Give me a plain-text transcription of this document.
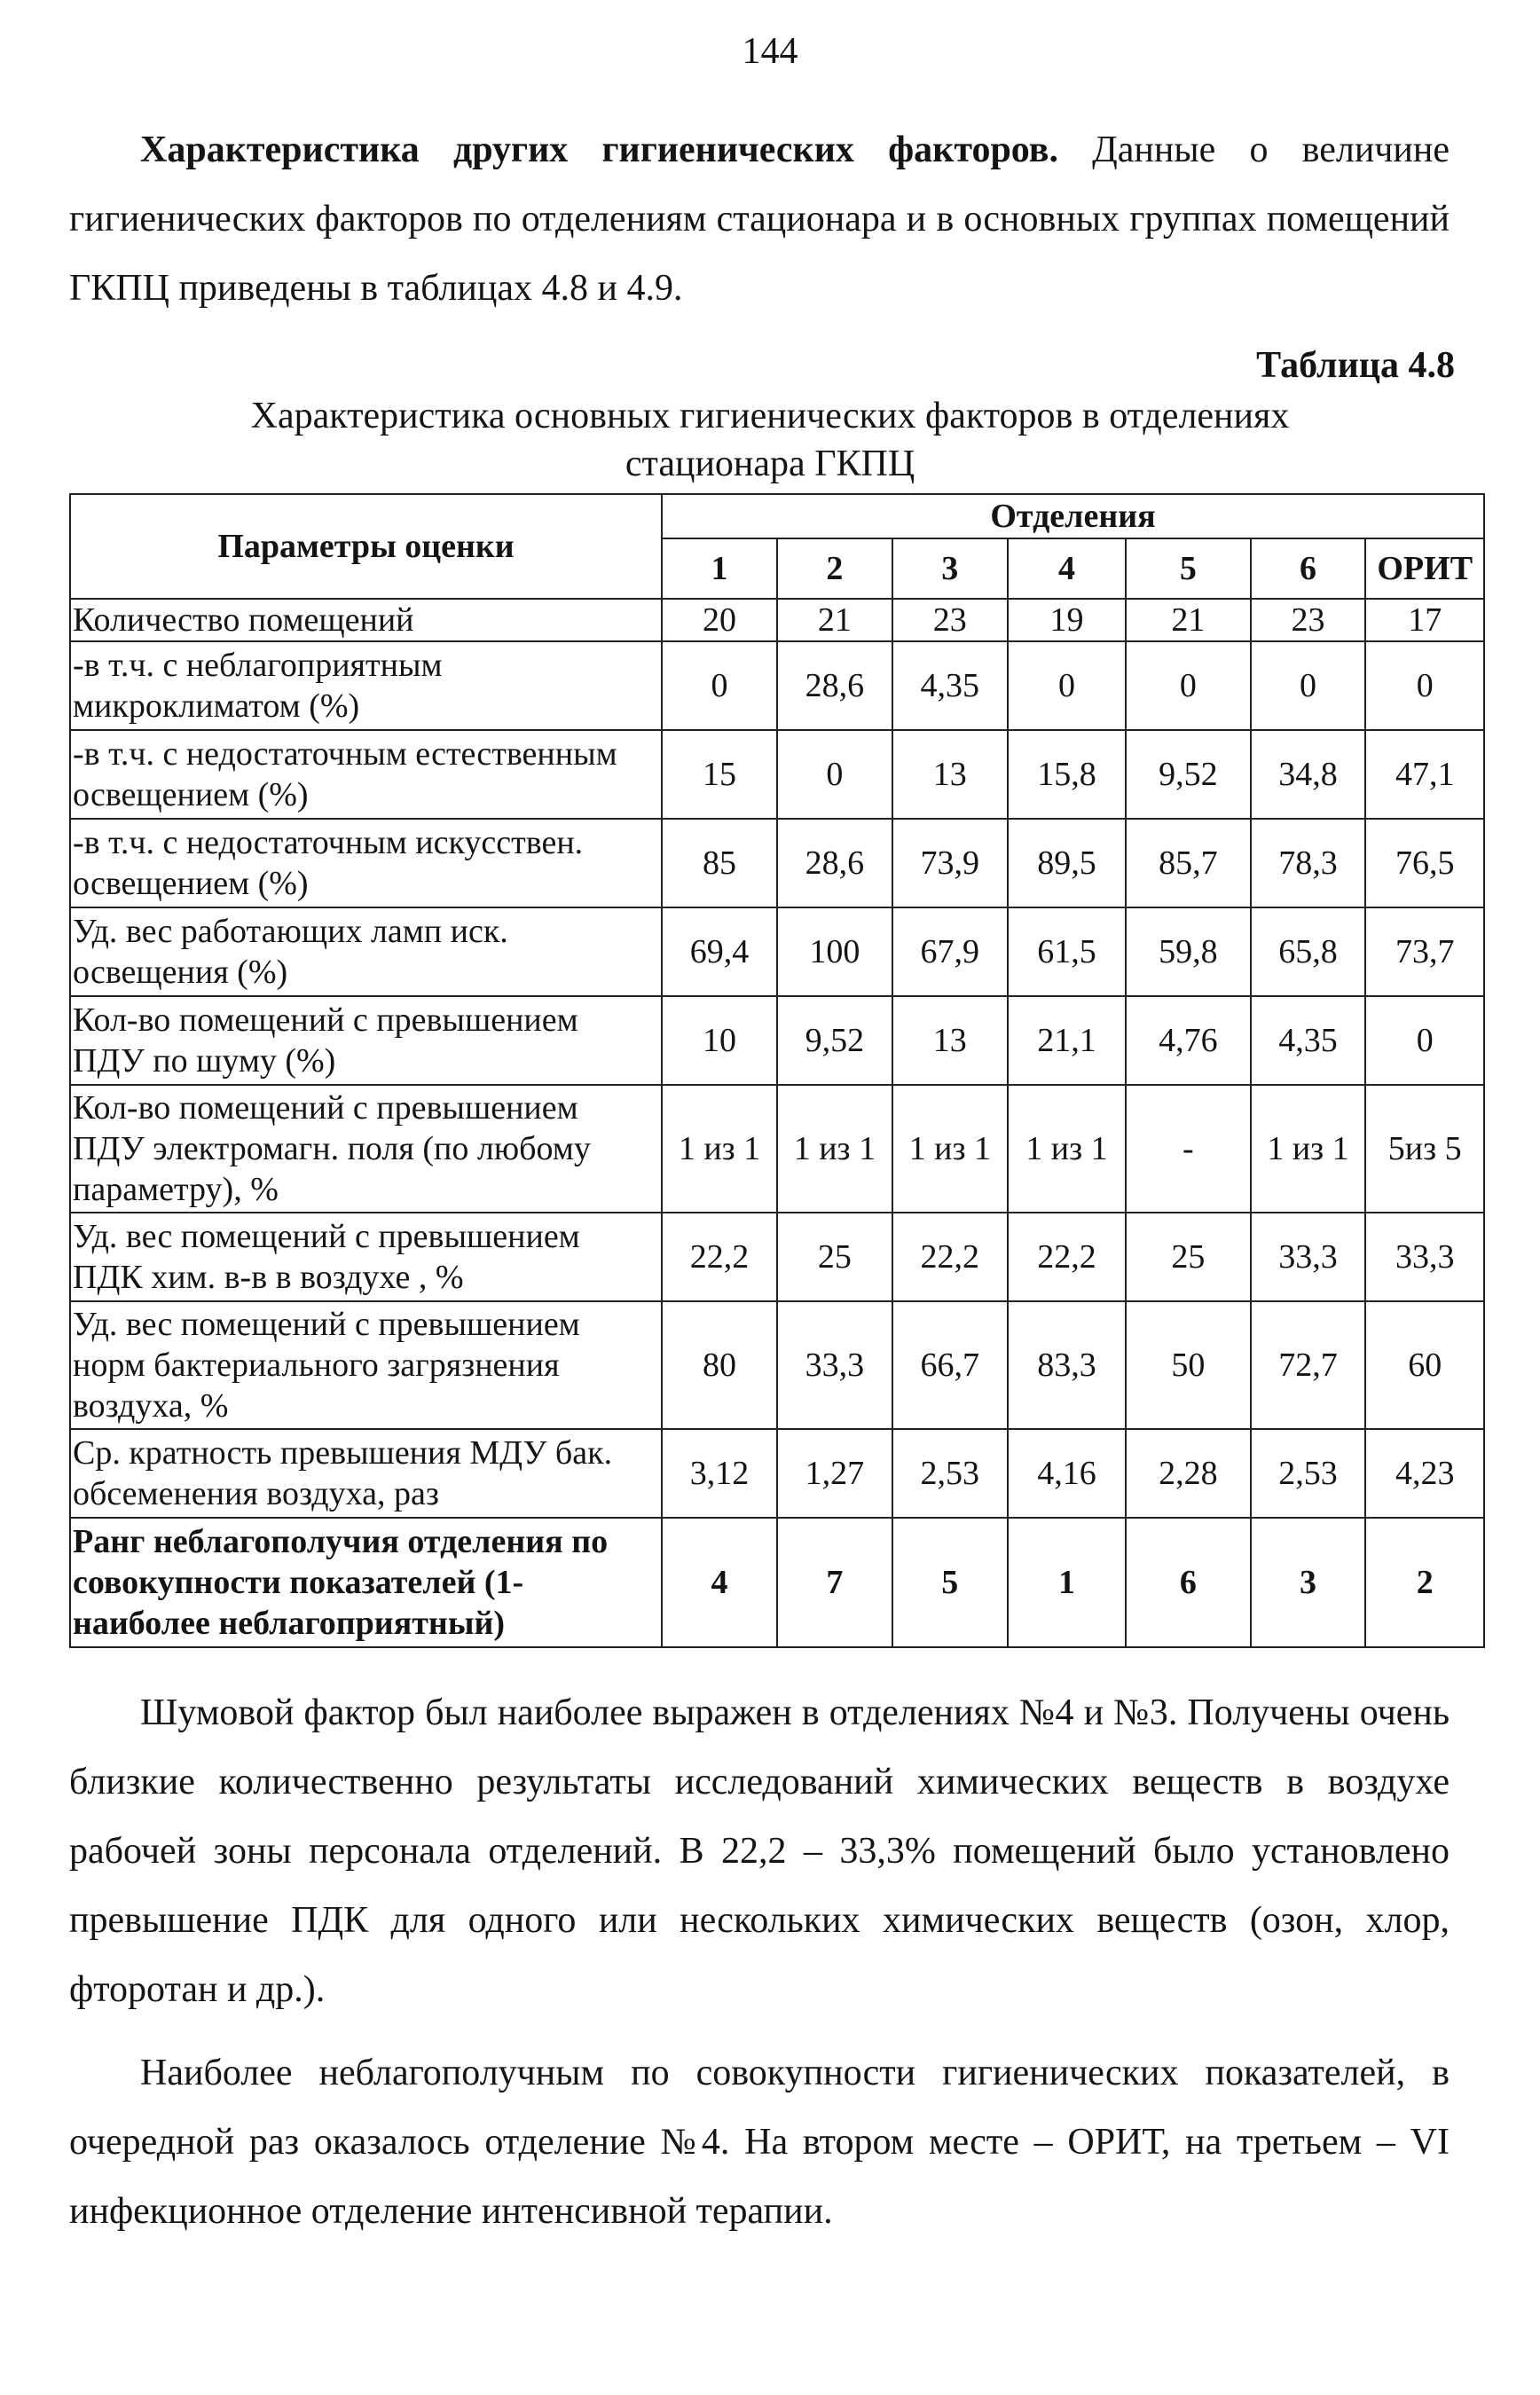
144
Характеристика других гигиенических факторов. Данные о величине гигиенических факторов по отделениям стационара и в основных группах помещений ГКПЦ приведены в таблицах 4.8 и 4.9.
Таблица 4.8
Характеристика основных гигиенических факторов в отделениях
стационара ГКПЦ
Параметры оценки	Отделения						
	1	2	3	4	5	6	ОРИТ
Количество помещений	20	21	23	19	21	23	17
-в т.ч. с неблагоприятным микроклиматом (%)	0	28,6	4,35	0	0	0	0
-в т.ч. с недостаточным естественным освещением (%)	15	0	13	15,8	9,52	34,8	47,1
-в т.ч. с недостаточным искусствен. освещением (%)	85	28,6	73,9	89,5	85,7	78,3	76,5
Уд. вес работающих ламп иск. освещения (%)	69,4	100	67,9	61,5	59,8	65,8	73,7
Кол-во помещений с превышением ПДУ по шуму (%)	10	9,52	13	21,1	4,76	4,35	0
Кол-во помещений с превышением ПДУ электромагн. поля (по любому параметру), %	1 из 1	1 из 1	1 из 1	1 из 1	-	1 из 1	5из 5
Уд. вес помещений с превышением ПДК хим. в-в в воздухе , %	22,2	25	22,2	22,2	25	33,3	33,3
Уд. вес помещений с превышением норм бактериального загрязнения воздуха, %	80	33,3	66,7	83,3	50	72,7	60
Ср. кратность превышения МДУ бак. обсеменения воздуха, раз	3,12	1,27	2,53	4,16	2,28	2,53	4,23
Ранг неблагополучия отделения по совокупности показателей (1- наиболее неблагоприятный)	4	7	5	1	6	3	2
Шумовой фактор был наиболее выражен в отделениях №4 и №3. Получены очень близкие количественно результаты исследований химических веществ в воздухе рабочей зоны персонала отделений. В 22,2 – 33,3% помещений было установлено превышение ПДК для одного или нескольких химических веществ (озон, хлор, фторотан и др.).
Наиболее неблагополучным по совокупности гигиенических показателей, в очередной раз оказалось отделение №4. На втором месте – ОРИТ, на третьем – VI инфекционное отделение интенсивной терапии.
